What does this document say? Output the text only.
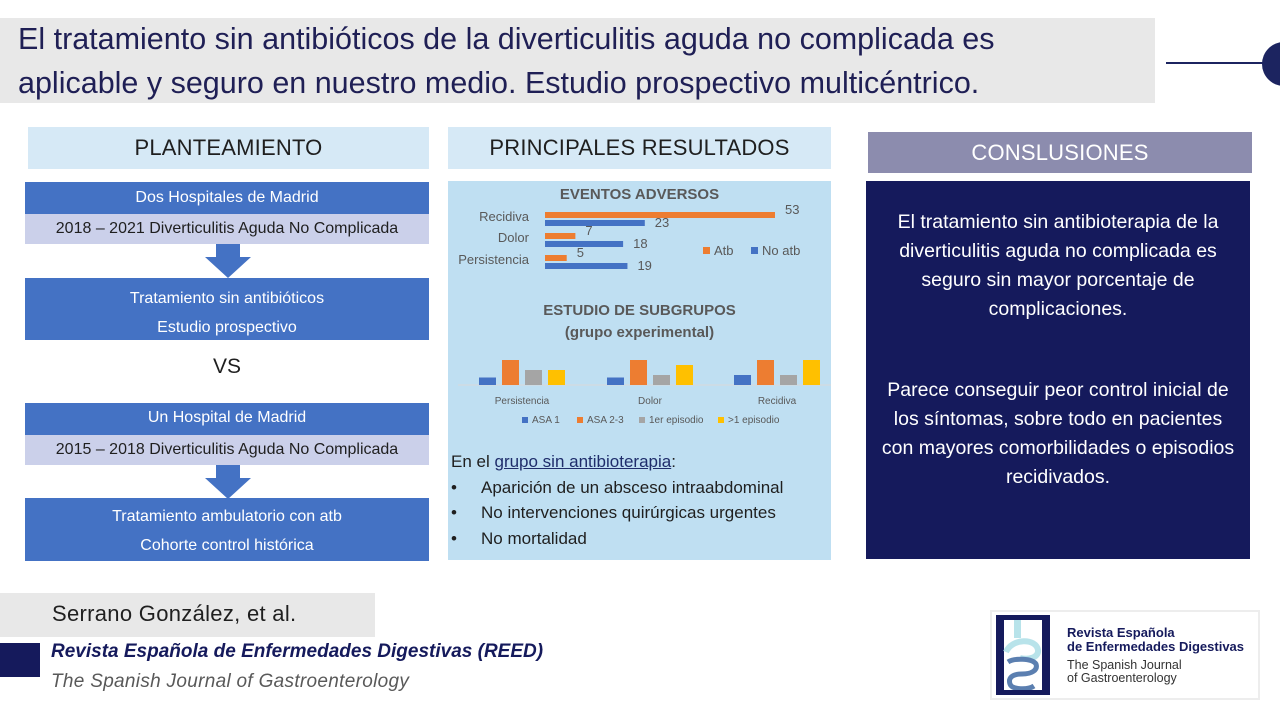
El tratamiento sin antibióticos de la diverticulitis aguda no complicada es
aplicable y seguro en nuestro medio. Estudio prospectivo multicéntrico.
PLANTEAMIENTO	PRINCIPALES RESULTADOS	CONSLUSIONES
Dos Hospitales de Madrid
2018 – 2021 Diverticulitis Aguda No Complicada
Tratamiento sin antibióticos
Estudio prospectivo
VS
Un Hospital de Madrid
2015 – 2018 Diverticulitis Aguda No Complicada
Tratamiento ambulatorio con atb
Cohorte control histórica
EVENTOS ADVERSOS
ESTUDIO DE SUBGRUPOS
(grupo experimental)
Recidiva	53
23
Dolor	7
18
Persistencia	5
19
Atb No atb
Persistencia	Dolor	Recidiva
ASA 1	ASA 2-3	1er episodio >1 episodio
En el grupo sin antibioterapia:
• Aparición de un absceso intraabdominal
• No intervenciones quirúrgicas urgentes
• No mortalidad

El tratamiento sin antibioterapia de la diverticulitis aguda no complicada es seguro sin mayor porcentaje de complicaciones.

Parece conseguir peor control inicial de los síntomas, sobre todo en pacientes con mayores comorbilidades o episodios recidivados.

Serrano González, et al.
Revista Española de Enfermedades Digestivas (REED)
The Spanish Journal of Gastroenterology
Revista Española
de Enfermedades Digestivas
The Spanish Journal
of Gastroenterology
